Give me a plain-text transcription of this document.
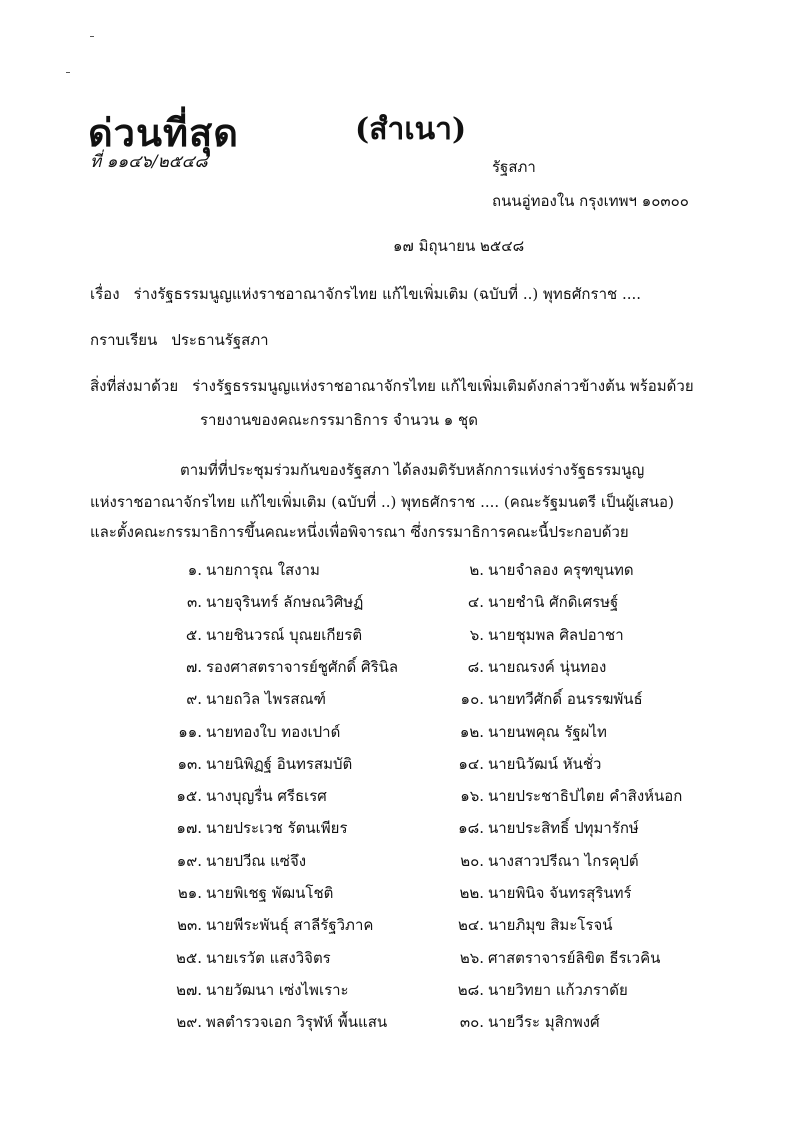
ด่วนที่สุด
ที่ ๑๑๔๖/๒๕๔๘
(สำเนา)
รัฐสภา
ถนนอู่ทองใน กรุงเทพฯ ๑๐๓๐๐
๑๗ มิถุนายน ๒๕๔๘
เรื่อง ร่างรัฐธรรมนูญแห่งราชอาณาจักรไทย แก้ไขเพิ่มเติม (ฉบับที่ ..) พุทธศักราช ....
กราบเรียน ประธานรัฐสภา
สิ่งที่ส่งมาด้วย ร่างรัฐธรรมนูญแห่งราชอาณาจักรไทย แก้ไขเพิ่มเติมดังกล่าวข้างต้น พร้อมด้วย
รายงานของคณะกรรมาธิการ จำนวน ๑ ชุด
ตามที่ที่ประชุมร่วมกันของรัฐสภา ได้ลงมติรับหลักการแห่งร่างรัฐธรรมนูญ
แห่งราชอาณาจักรไทย แก้ไขเพิ่มเติม (ฉบับที่ ..) พุทธศักราช .... (คณะรัฐมนตรี เป็นผู้เสนอ)
และตั้งคณะกรรมาธิการขึ้นคณะหนึ่งเพื่อพิจารณา ซึ่งกรรมาธิการคณะนี้ประกอบด้วย
๑. นายการุณ ใสงาม	๒. นายจำลอง ครุฑขุนทด
๓. นายจุรินทร์ ลักษณวิศิษฏ์	๔. นายชำนิ ศักดิเศรษฐ์
๕. นายชินวรณ์ บุณยเกียรติ	๖. นายชุมพล ศิลปอาชา
๗. รองศาสตราจารย์ชูศักดิ์ ศิรินิล	๘. นายณรงค์ นุ่นทอง
๙. นายถวิล ไพรสณฑ์	๑๐. นายทวีศักดิ์ อนรรฆพันธ์
๑๑. นายทองใบ ทองเปาด์	๑๒. นายนพคุณ รัฐผไท
๑๓. นายนิพิฏฐ์ อินทรสมบัติ	๑๔. นายนิวัฒน์ หันชั่ว
๑๕. นางบุญรื่น ศรีธเรศ	๑๖. นายประชาธิปไตย คำสิงห์นอก
๑๗. นายประเวช รัตนเพียร	๑๘. นายประสิทธิ์ ปทุมารักษ์
๑๙. นายปวีณ แซ่จึง	๒๐. นางสาวปรีณา ไกรคุปต์
๒๑. นายพิเชฐ พัฒนโชติ	๒๒. นายพินิจ จันทรสุรินทร์
๒๓. นายพีระพันธุ์ สาลีรัฐวิภาค	๒๔. นายภิมุข สิมะโรจน์
๒๕. นายเรวัต แสงวิจิตร	๒๖. ศาสตราจารย์ลิขิต ธีรเวคิน
๒๗. นายวัฒนา เซ่งไพเราะ	๒๘. นายวิทยา แก้วภราดัย
๒๙. พลตำรวจเอก วิรุฬห์ พื้นแสน	๓๐. นายวีระ มุสิกพงศ์
